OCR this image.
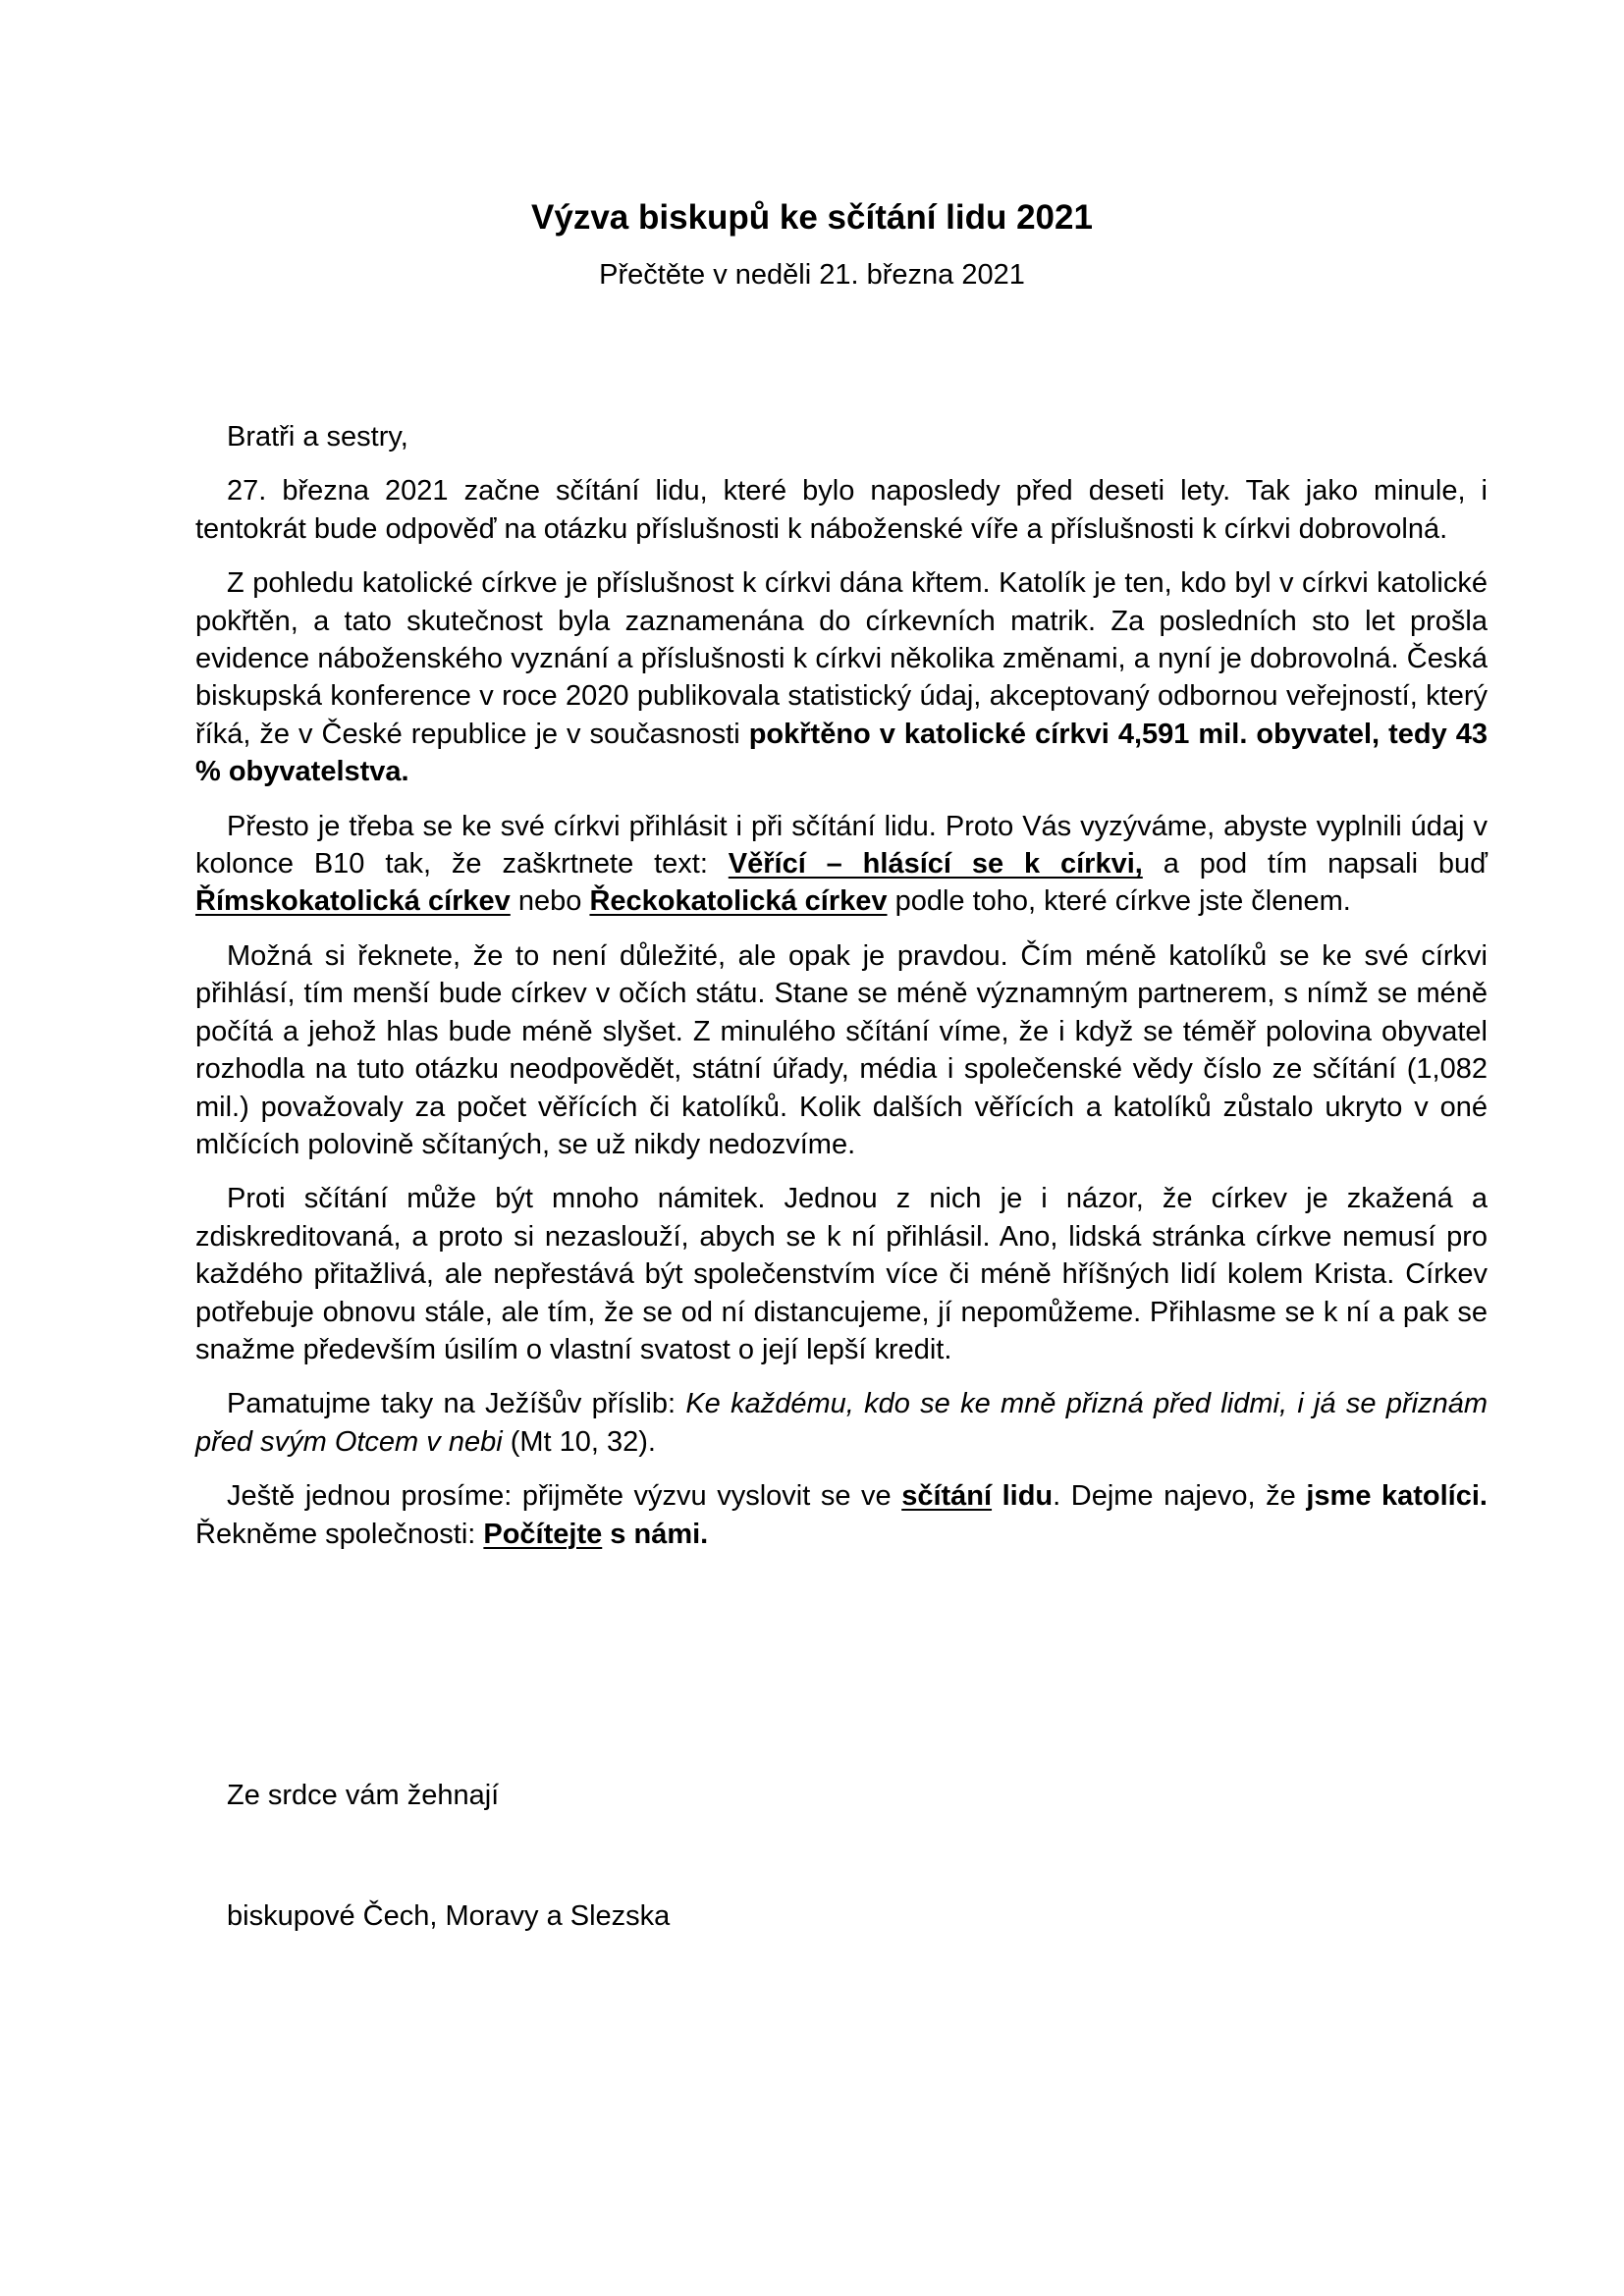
Výzva biskupů ke sčítání lidu 2021
Přečtěte v neděli 21. března 2021

Bratři a sestry,

27. března 2021 začne sčítání lidu, které bylo naposledy před deseti lety. Tak jako minule, i tentokrát bude odpověď na otázku příslušnosti k náboženské víře a příslušnosti k církvi dobrovolná.

Z pohledu katolické církve je příslušnost k církvi dána křtem. Katolík je ten, kdo byl v církvi katolické pokřtěn, a tato skutečnost byla zaznamenána do církevních matrik. Za posledních sto let prošla evidence náboženského vyznání a příslušnosti k církvi několika změnami, a nyní je dobrovolná. Česká biskupská konference v roce 2020 publikovala statistický údaj, akceptovaný odbornou veřejností, který říká, že v České republice je v současnosti pokřtěno v katolické církvi 4,591 mil. obyvatel, tedy 43 % obyvatelstva.

Přesto je třeba se ke své církvi přihlásit i při sčítání lidu. Proto Vás vyzýváme, abyste vyplnili údaj v kolonce B10 tak, že zaškrtnete text: Věřící – hlásící se k církvi, a pod tím napsali buď Římskokatolická církev nebo Řeckokatolická církev podle toho, které církve jste členem.

Možná si řeknete, že to není důležité, ale opak je pravdou. Čím méně katolíků se ke své církvi přihlásí, tím menší bude církev v očích státu. Stane se méně významným partnerem, s nímž se méně počítá a jehož hlas bude méně slyšet. Z minulého sčítání víme, že i když se téměř polovina obyvatel rozhodla na tuto otázku neodpovědět, státní úřady, média i společenské vědy číslo ze sčítání (1,082 mil.) považovaly za počet věřících či katolíků. Kolik dalších věřících a katolíků zůstalo ukryto v oné mlčících polovině sčítaných, se už nikdy nedozvíme.

Proti sčítání může být mnoho námitek. Jednou z nich je i názor, že církev je zkažená a zdiskreditovaná, a proto si nezaslouží, abych se k ní přihlásil. Ano, lidská stránka církve nemusí pro každého přitažlivá, ale nepřestává být společenstvím více či méně hříšných lidí kolem Krista. Církev potřebuje obnovu stále, ale tím, že se od ní distancujeme, jí nepomůžeme. Přihlasme se k ní a pak se snažme především úsilím o vlastní svatost o její lepší kredit.

Pamatujme taky na Ježíšův příslib: Ke každému, kdo se ke mně přizná před lidmi, i já se přiznám před svým Otcem v nebi (Mt 10, 32).

Ještě jednou prosíme: přijměte výzvu vyslovit se ve sčítání lidu. Dejme najevo, že jsme katolíci. Řekněme společnosti: Počítejte s námi.

Ze srdce vám žehnají
biskupové Čech, Moravy a Slezska
